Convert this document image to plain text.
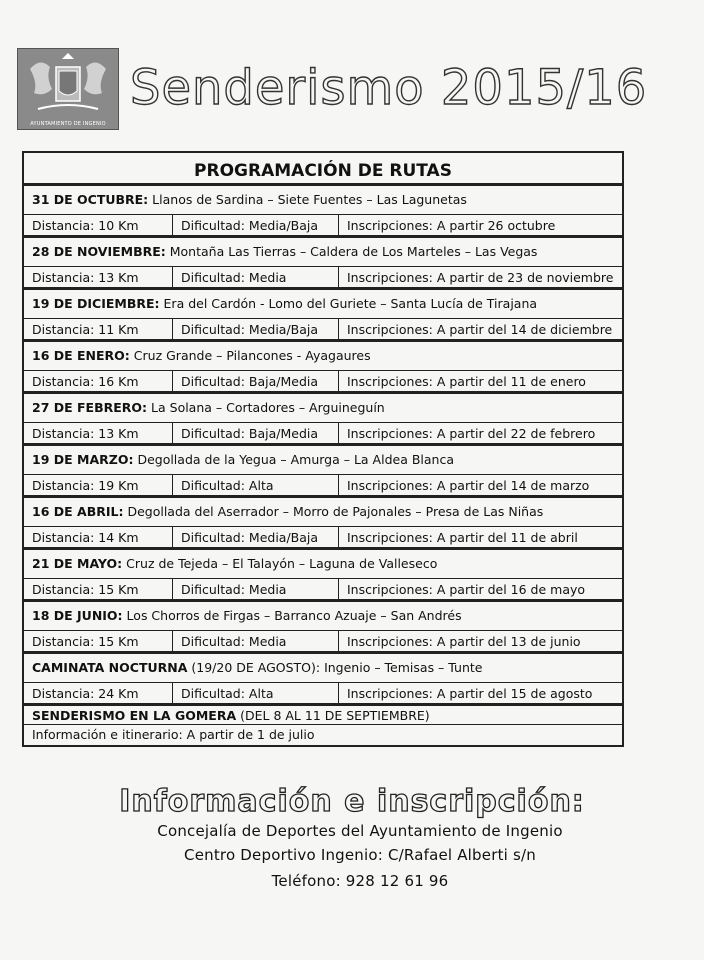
AYUNTAMIENTO DE INGENIO
Senderismo 2015/16
PROGRAMACIÓN DE RUTAS
31 DE OCTUBRE: Llanos de Sardina – Siete Fuentes – Las Lagunetas
Distancia: 10 Km	Dificultad: Media/Baja	Inscripciones: A partir 26 octubre
28 DE NOVIEMBRE: Montaña Las Tierras – Caldera de Los Marteles – Las Vegas
Distancia: 13 Km	Dificultad: Media	Inscripciones: A partir de 23 de noviembre
19 DE DICIEMBRE: Era del Cardón - Lomo del Guriete – Santa Lucía de Tirajana
Distancia: 11 Km	Dificultad: Media/Baja	Inscripciones: A partir del 14 de diciembre
16 DE ENERO: Cruz Grande – Pilancones - Ayagaures
Distancia: 16 Km	Dificultad: Baja/Media	Inscripciones: A partir del 11 de enero
27 DE FEBRERO: La Solana – Cortadores – Arguineguín
Distancia: 13 Km	Dificultad: Baja/Media	Inscripciones: A partir del 22 de febrero
19 DE MARZO: Degollada de la Yegua – Amurga – La Aldea Blanca
Distancia: 19 Km	Dificultad: Alta	Inscripciones: A partir del 14 de marzo
16 DE ABRIL: Degollada del Aserrador – Morro de Pajonales – Presa de Las Niñas
Distancia: 14 Km	Dificultad: Media/Baja	Inscripciones: A partir del 11 de abril
21 DE MAYO: Cruz de Tejeda – El Talayón – Laguna de Valleseco
Distancia: 15 Km	Dificultad: Media	Inscripciones: A partir del 16 de mayo
18 DE JUNIO: Los Chorros de Firgas – Barranco Azuaje – San Andrés
Distancia: 15 Km	Dificultad: Media	Inscripciones: A partir del 13 de junio
CAMINATA NOCTURNA (19/20 DE AGOSTO): Ingenio – Temisas – Tunte
Distancia: 24 Km	Dificultad: Alta	Inscripciones: A partir del 15 de agosto
SENDERISMO EN LA GOMERA (DEL 8 AL 11 DE SEPTIEMBRE)
Información e itinerario: A partir de 1 de julio
Información e inscripción:
Concejalía de Deportes del Ayuntamiento de Ingenio
Centro Deportivo Ingenio: C/Rafael Alberti s/n
Teléfono: 928 12 61 96
